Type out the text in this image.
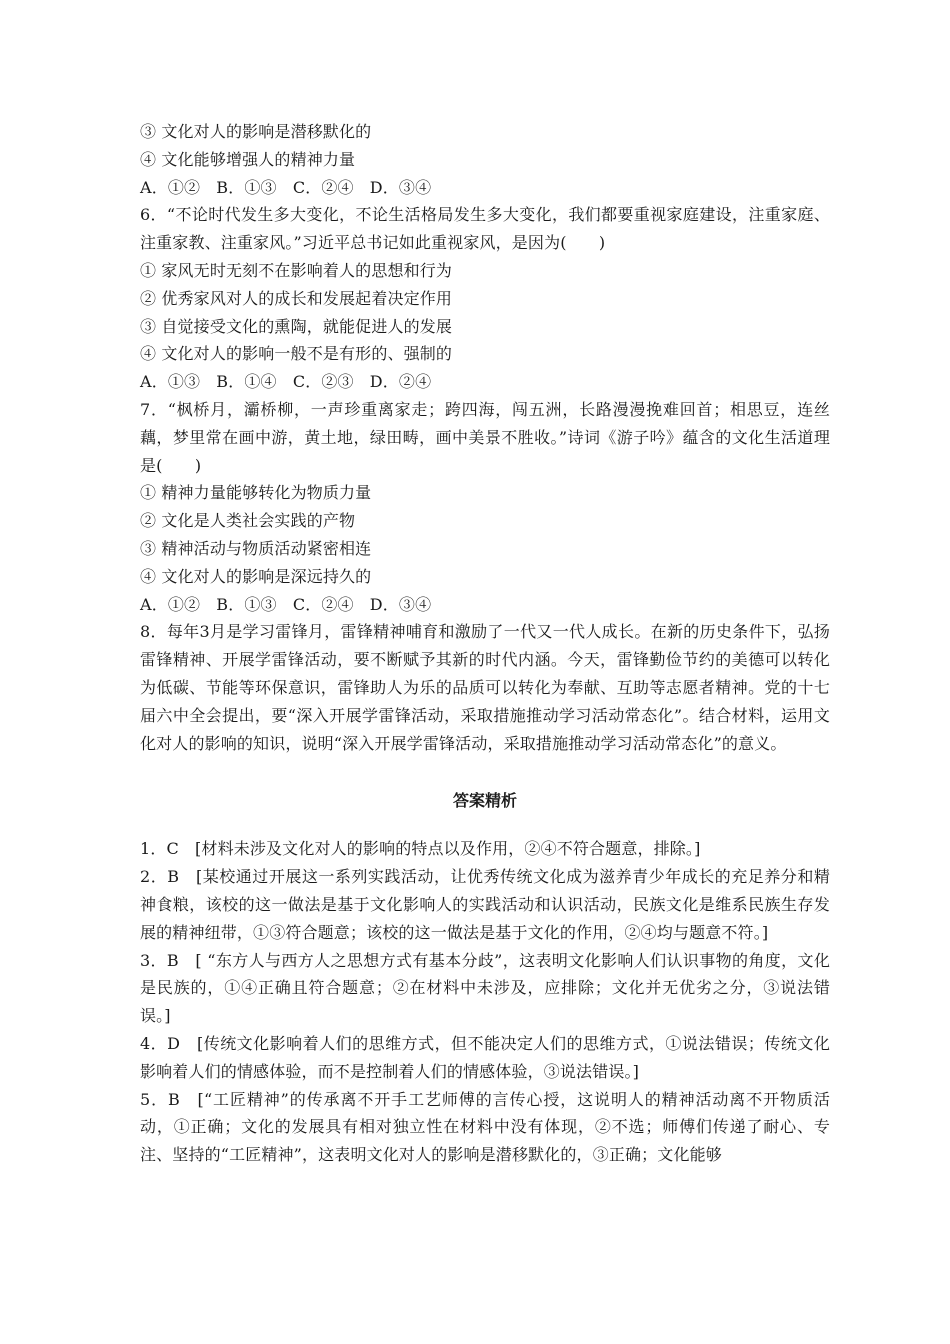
③ 文化对人的影响是潜移默化的
④ 文化能够增强人的精神力量
A．①②　B．①③　C．②④　D．③④
6．“不论时代发生多大变化，不论生活格局发生多大变化，我们都要重视家庭建设，注重家庭、注重家教、注重家风。”习近平总书记如此重视家风，是因为(　　)
① 家风无时无刻不在影响着人的思想和行为
② 优秀家风对人的成长和发展起着决定作用
③ 自觉接受文化的熏陶，就能促进人的发展
④ 文化对人的影响一般不是有形的、强制的
A．①③　B．①④　C．②③　D．②④
7．“枫桥月，灞桥柳，一声珍重离家走；跨四海，闯五洲，长路漫漫挽难回首；相思豆，连丝藕，梦里常在画中游，黄土地，绿田畴，画中美景不胜收。”诗词《游子吟》蕴含的文化生活道理是(　　)
① 精神力量能够转化为物质力量
② 文化是人类社会实践的产物
③ 精神活动与物质活动紧密相连
④ 文化对人的影响是深远持久的
A．①②　B．①③　C．②④　D．③④
8．每年3月是学习雷锋月，雷锋精神哺育和激励了一代又一代人成长。在新的历史条件下，弘扬雷锋精神、开展学雷锋活动，要不断赋予其新的时代内涵。今天，雷锋勤俭节约的美德可以转化为低碳、节能等环保意识，雷锋助人为乐的品质可以转化为奉献、互助等志愿者精神。党的十七届六中全会提出，要“深入开展学雷锋活动，采取措施推动学习活动常态化”。结合材料，运用文化对人的影响的知识，说明“深入开展学雷锋活动，采取措施推动学习活动常态化”的意义。
答案精析
1．C　[材料未涉及文化对人的影响的特点以及作用，②④不符合题意，排除。]
2．B　[某校通过开展这一系列实践活动，让优秀传统文化成为滋养青少年成长的充足养分和精神食粮，该校的这一做法是基于文化影响人的实践活动和认识活动，民族文化是维系民族生存发展的精神纽带，①③符合题意；该校的这一做法是基于文化的作用，②④均与题意不符。]
3．B　[ “东方人与西方人之思想方式有基本分歧”，这表明文化影响人们认识事物的角度，文化是民族的，①④正确且符合题意；②在材料中未涉及，应排除；文化并无优劣之分，③说法错误。]
4．D　[传统文化影响着人们的思维方式，但不能决定人们的思维方式，①说法错误；传统文化影响着人们的情感体验，而不是控制着人们的情感体验，③说法错误。]
5．B　[“工匠精神”的传承离不开手工艺师傅的言传心授，这说明人的精神活动离不开物质活动，①正确；文化的发展具有相对独立性在材料中没有体现，②不选；师傅们传递了耐心、专注、坚持的“工匠精神”，这表明文化对人的影响是潜移默化的，③正确；文化能够
